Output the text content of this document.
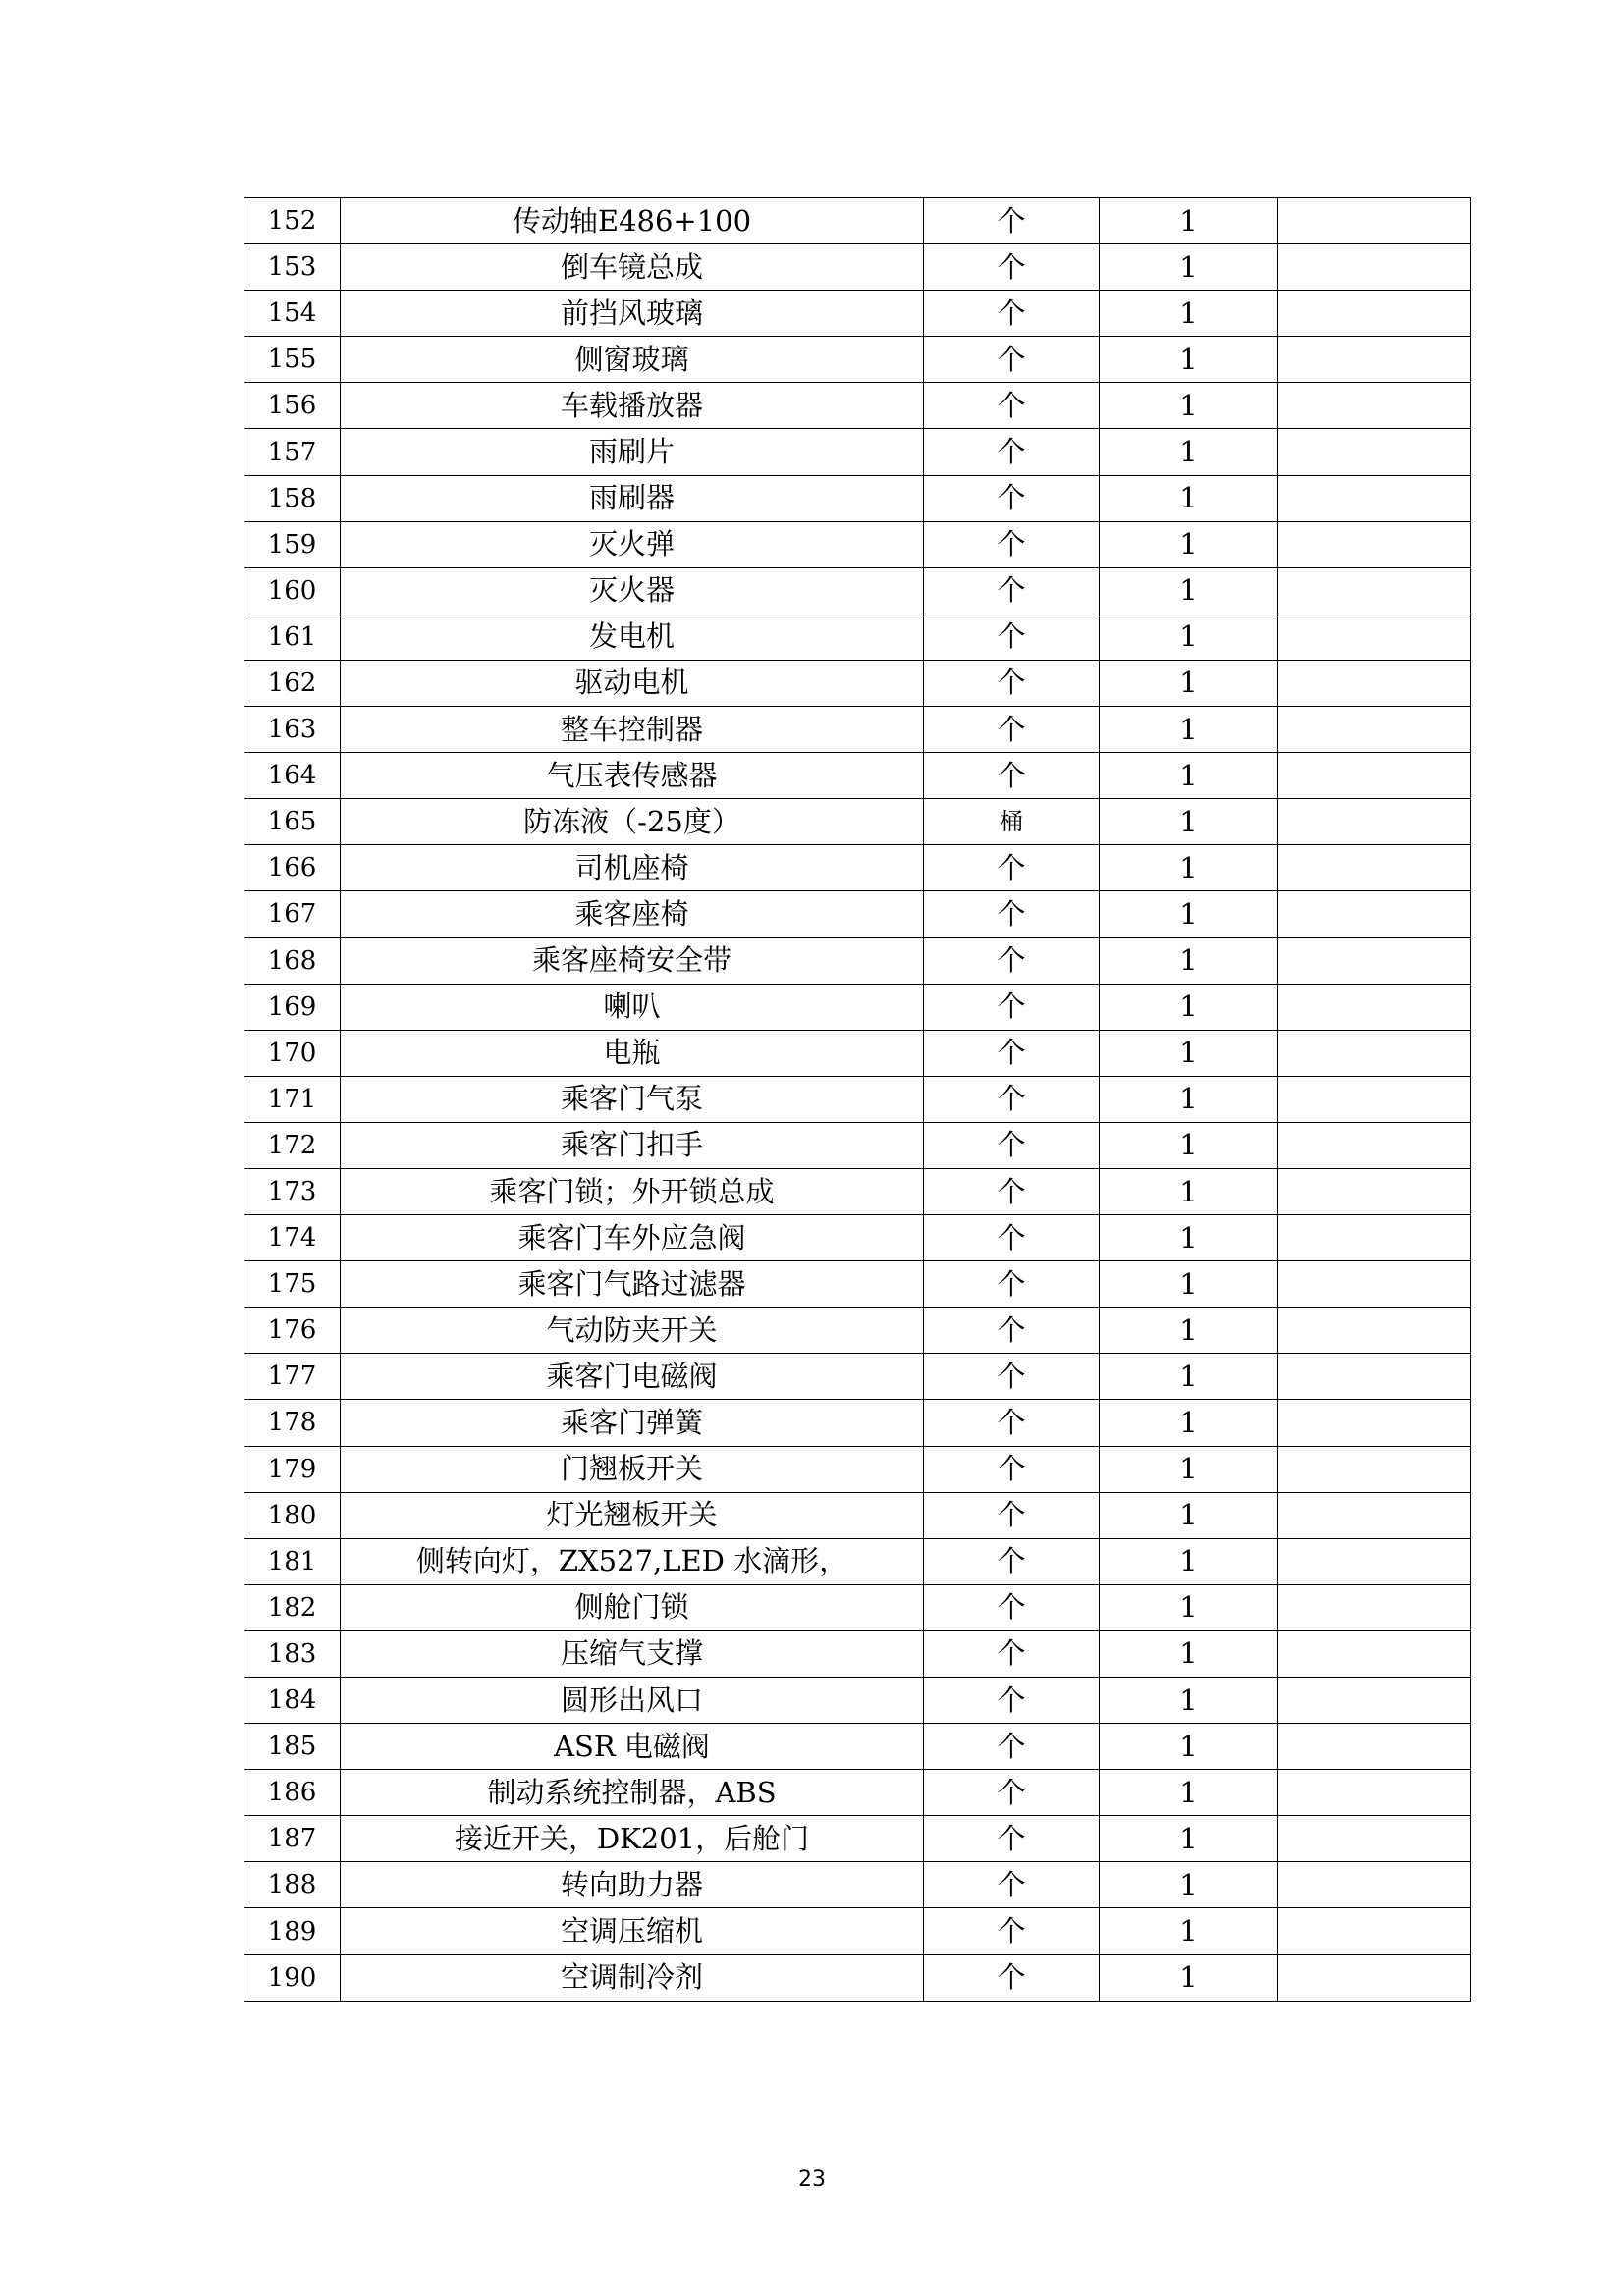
152	传动轴E486+100	个	1	
153	倒车镜总成	个	1	
154	前挡风玻璃	个	1	
155	侧窗玻璃	个	1	
156	车载播放器	个	1	
157	雨刷片	个	1	
158	雨刷器	个	1	
159	灭火弹	个	1	
160	灭火器	个	1	
161	发电机	个	1	
162	驱动电机	个	1	
163	整车控制器	个	1	
164	气压表传感器	个	1	
165	防冻液（-25度）	桶	1	
166	司机座椅	个	1	
167	乘客座椅	个	1	
168	乘客座椅安全带	个	1	
169	喇叭	个	1	
170	电瓶	个	1	
171	乘客门气泵	个	1	
172	乘客门扣手	个	1	
173	乘客门锁；外开锁总成	个	1	
174	乘客门车外应急阀	个	1	
175	乘客门气路过滤器	个	1	
176	气动防夹开关	个	1	
177	乘客门电磁阀	个	1	
178	乘客门弹簧	个	1	
179	门翘板开关	个	1	
180	灯光翘板开关	个	1	
181	侧转向灯，ZX527,LED 水滴形，	个	1	
182	侧舱门锁	个	1	
183	压缩气支撑	个	1	
184	圆形出风口	个	1	
185	ASR 电磁阀	个	1	
186	制动系统控制器，ABS	个	1	
187	接近开关，DK201，后舱门	个	1	
188	转向助力器	个	1	
189	空调压缩机	个	1	
190	空调制冷剂	个	1	
23
